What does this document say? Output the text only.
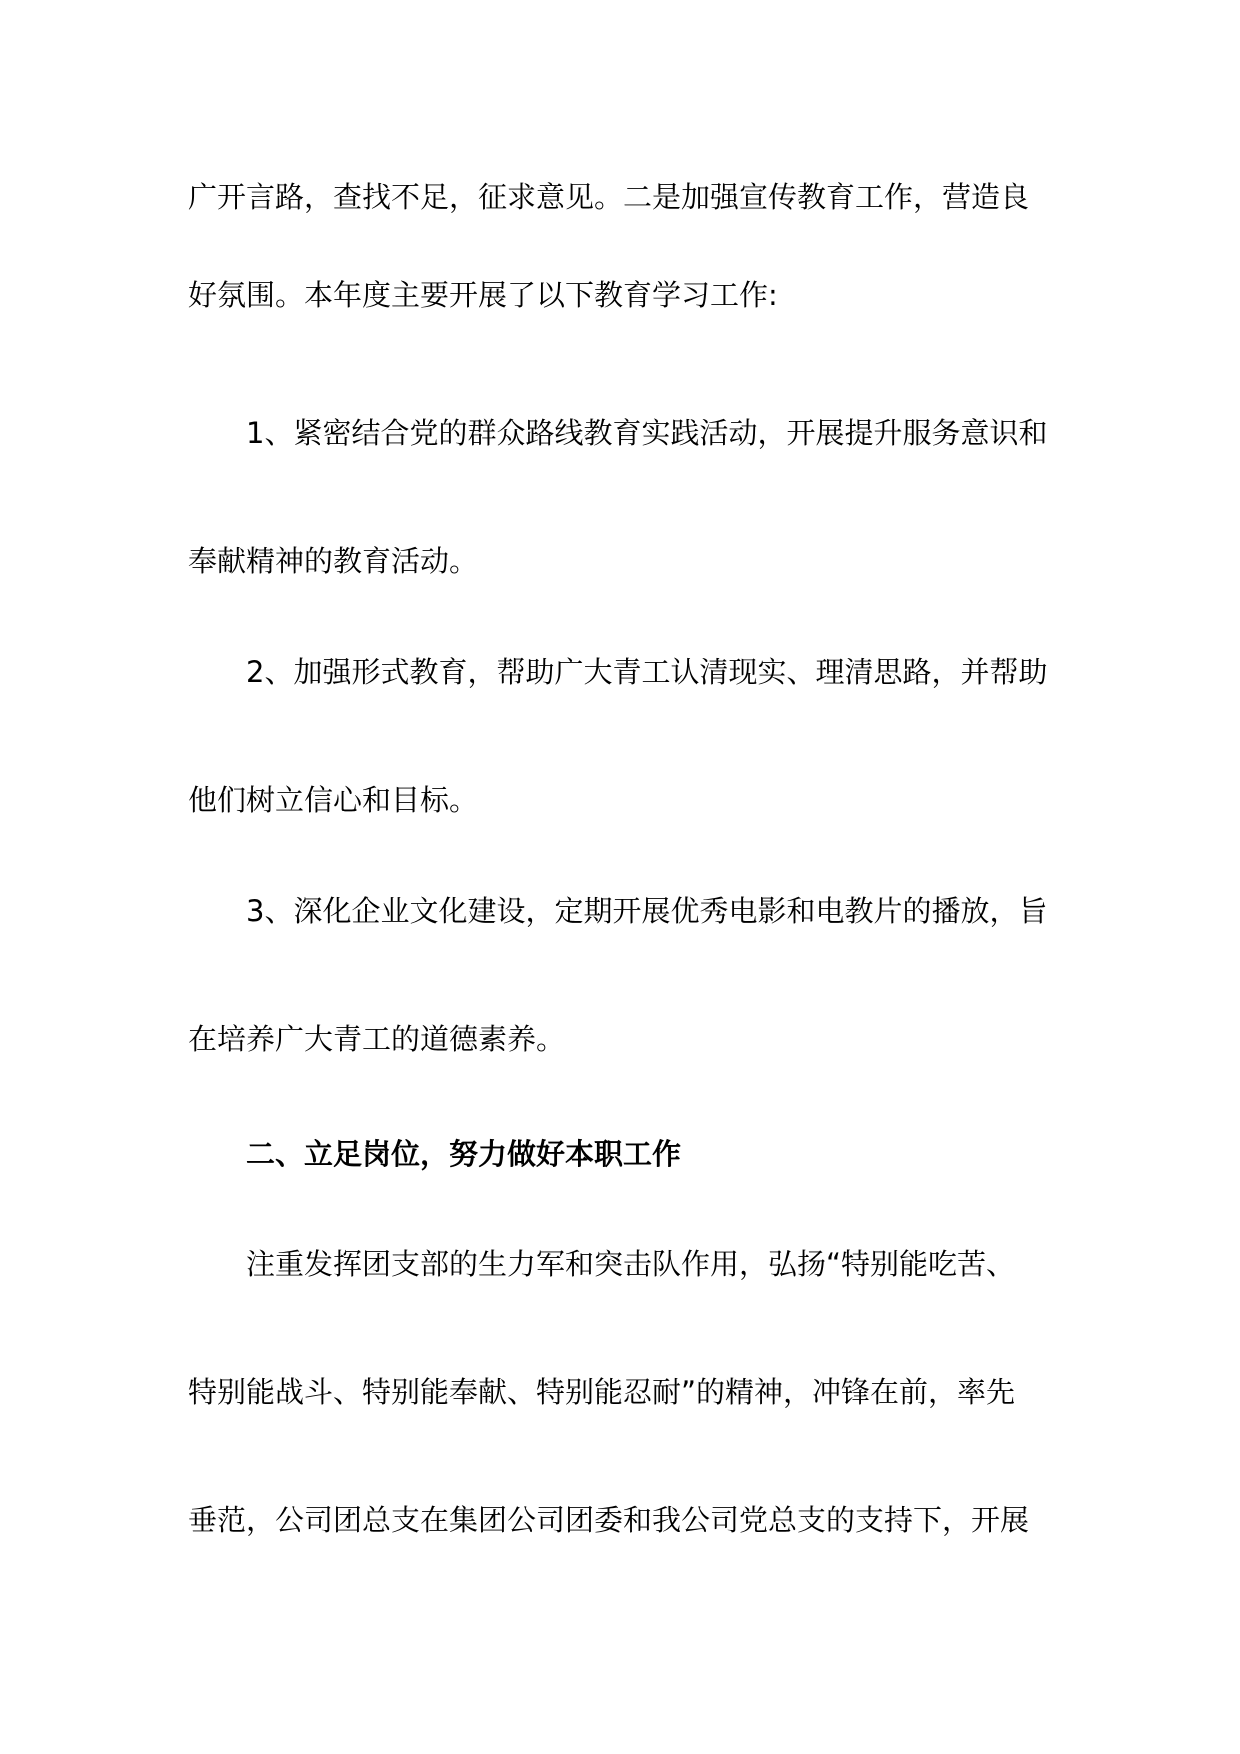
广开言路，查找不足，征求意见。二是加强宣传教育工作，营造良
好氛围。本年度主要开展了以下教育学习工作:
1、紧密结合党的群众路线教育实践活动，开展提升服务意识和
奉献精神的教育活动。
2、加强形式教育，帮助广大青工认清现实、理清思路，并帮助
他们树立信心和目标。
3、深化企业文化建设，定期开展优秀电影和电教片的播放，旨
在培养广大青工的道德素养。
二、立足岗位，努力做好本职工作
注重发挥团支部的生力军和突击队作用，弘扬“特别能吃苦、
特别能战斗、特别能奉献、特别能忍耐”的精神，冲锋在前，率先
垂范，公司团总支在集团公司团委和我公司党总支的支持下，开展
